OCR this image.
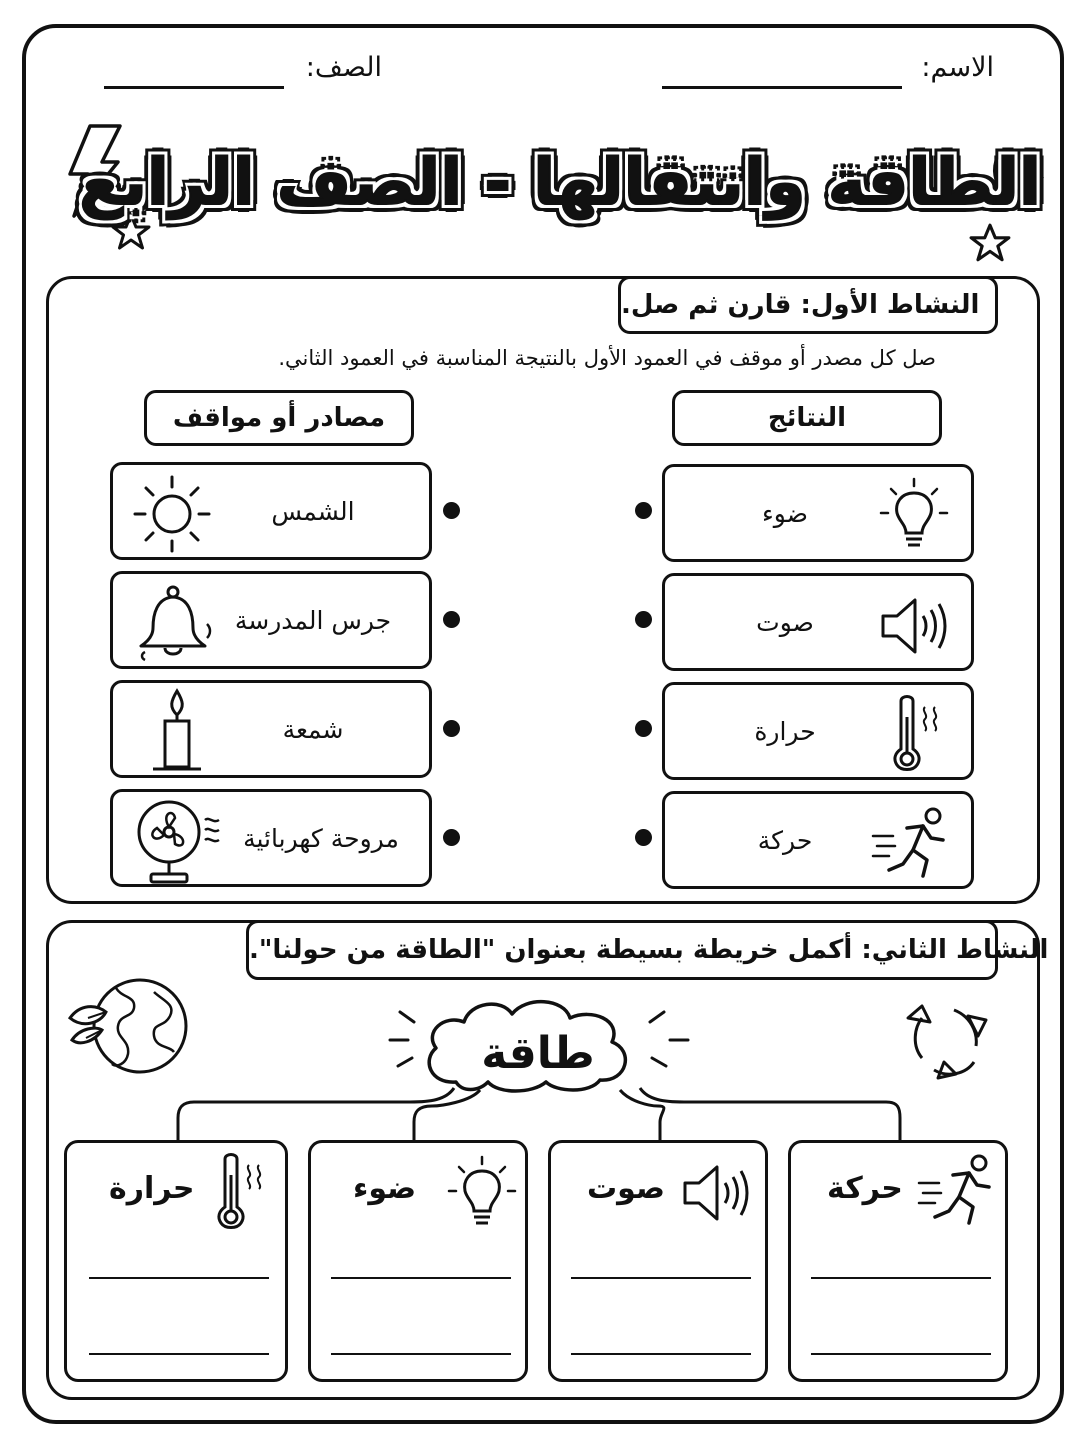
الاسم:
الصف:
الطاقة وانتقالها - الصف الرابع
النشاط الأول: قارن ثم صل.
صل كل مصدر أو موقف في العمود الأول بالنتيجة المناسبة في العمود الثاني.
النتائج
مصادر أو مواقف
الشمس
جرس المدرسة
شمعة
مروحة كهربائية
ضوء
صوت
حرارة
حركة
النشاط الثاني: أكمل خريطة بسيطة بعنوان "الطاقة من حولنا".
طاقة
حركة
صوت
ضوء
حرارة
